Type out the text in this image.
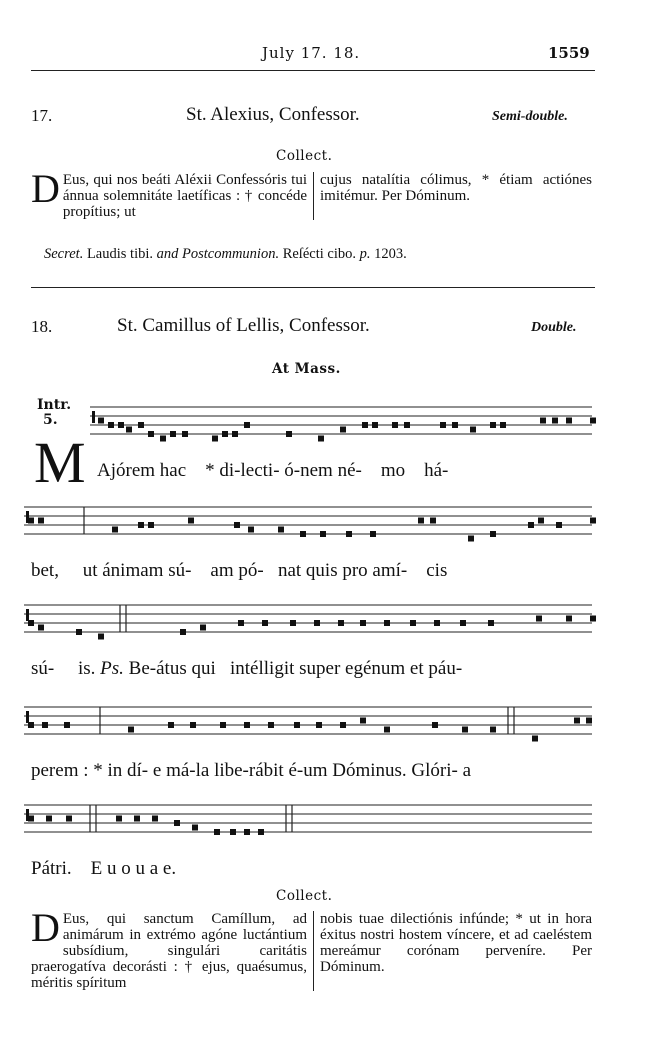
July 17. 18.	1559
17.	St. Alexius, Confessor.	Semi-double.
Collect.
D Eus, qui nos beáti Aléxii Confessóris tui ánnua solemnitáte laetíficas : † concéde propítius; ut
cujus natalítia cólimus, * étiam actiónes imitémur. Per Dóminum.
Secret. Laudis tibi. and Postcommunion. Reſécti cibo. p. 1203.
18.	St. Camillus of Lellis, Confessor.	Double.
At Mass.
Intr.
5.
M Ajórem hac * di-lecti- ó-nem né- mo há-
bet, ut ánimam sú- am pó- nat quis pro amí- cis
sú- is. Ps. Be-átus qui intélligit super egénum et páu-
perem : * in dí- e má-la libe-rábit é-um Dóminus. Glóri- a
Pátri. E u o u a e.
Collect.
D Eus, qui sanctum Camíllum, ad animárum in extrémo agóne luctántium subsídium, singulári caritátis praerogatíva decorásti : † ejus, quaésumus, méritis spíritum
nobis tuae dilectiónis infúnde; * ut in hora éxitus nostri hostem víncere, et ad caeléstem mereámur corónam perveníre. Per Dóminum.
